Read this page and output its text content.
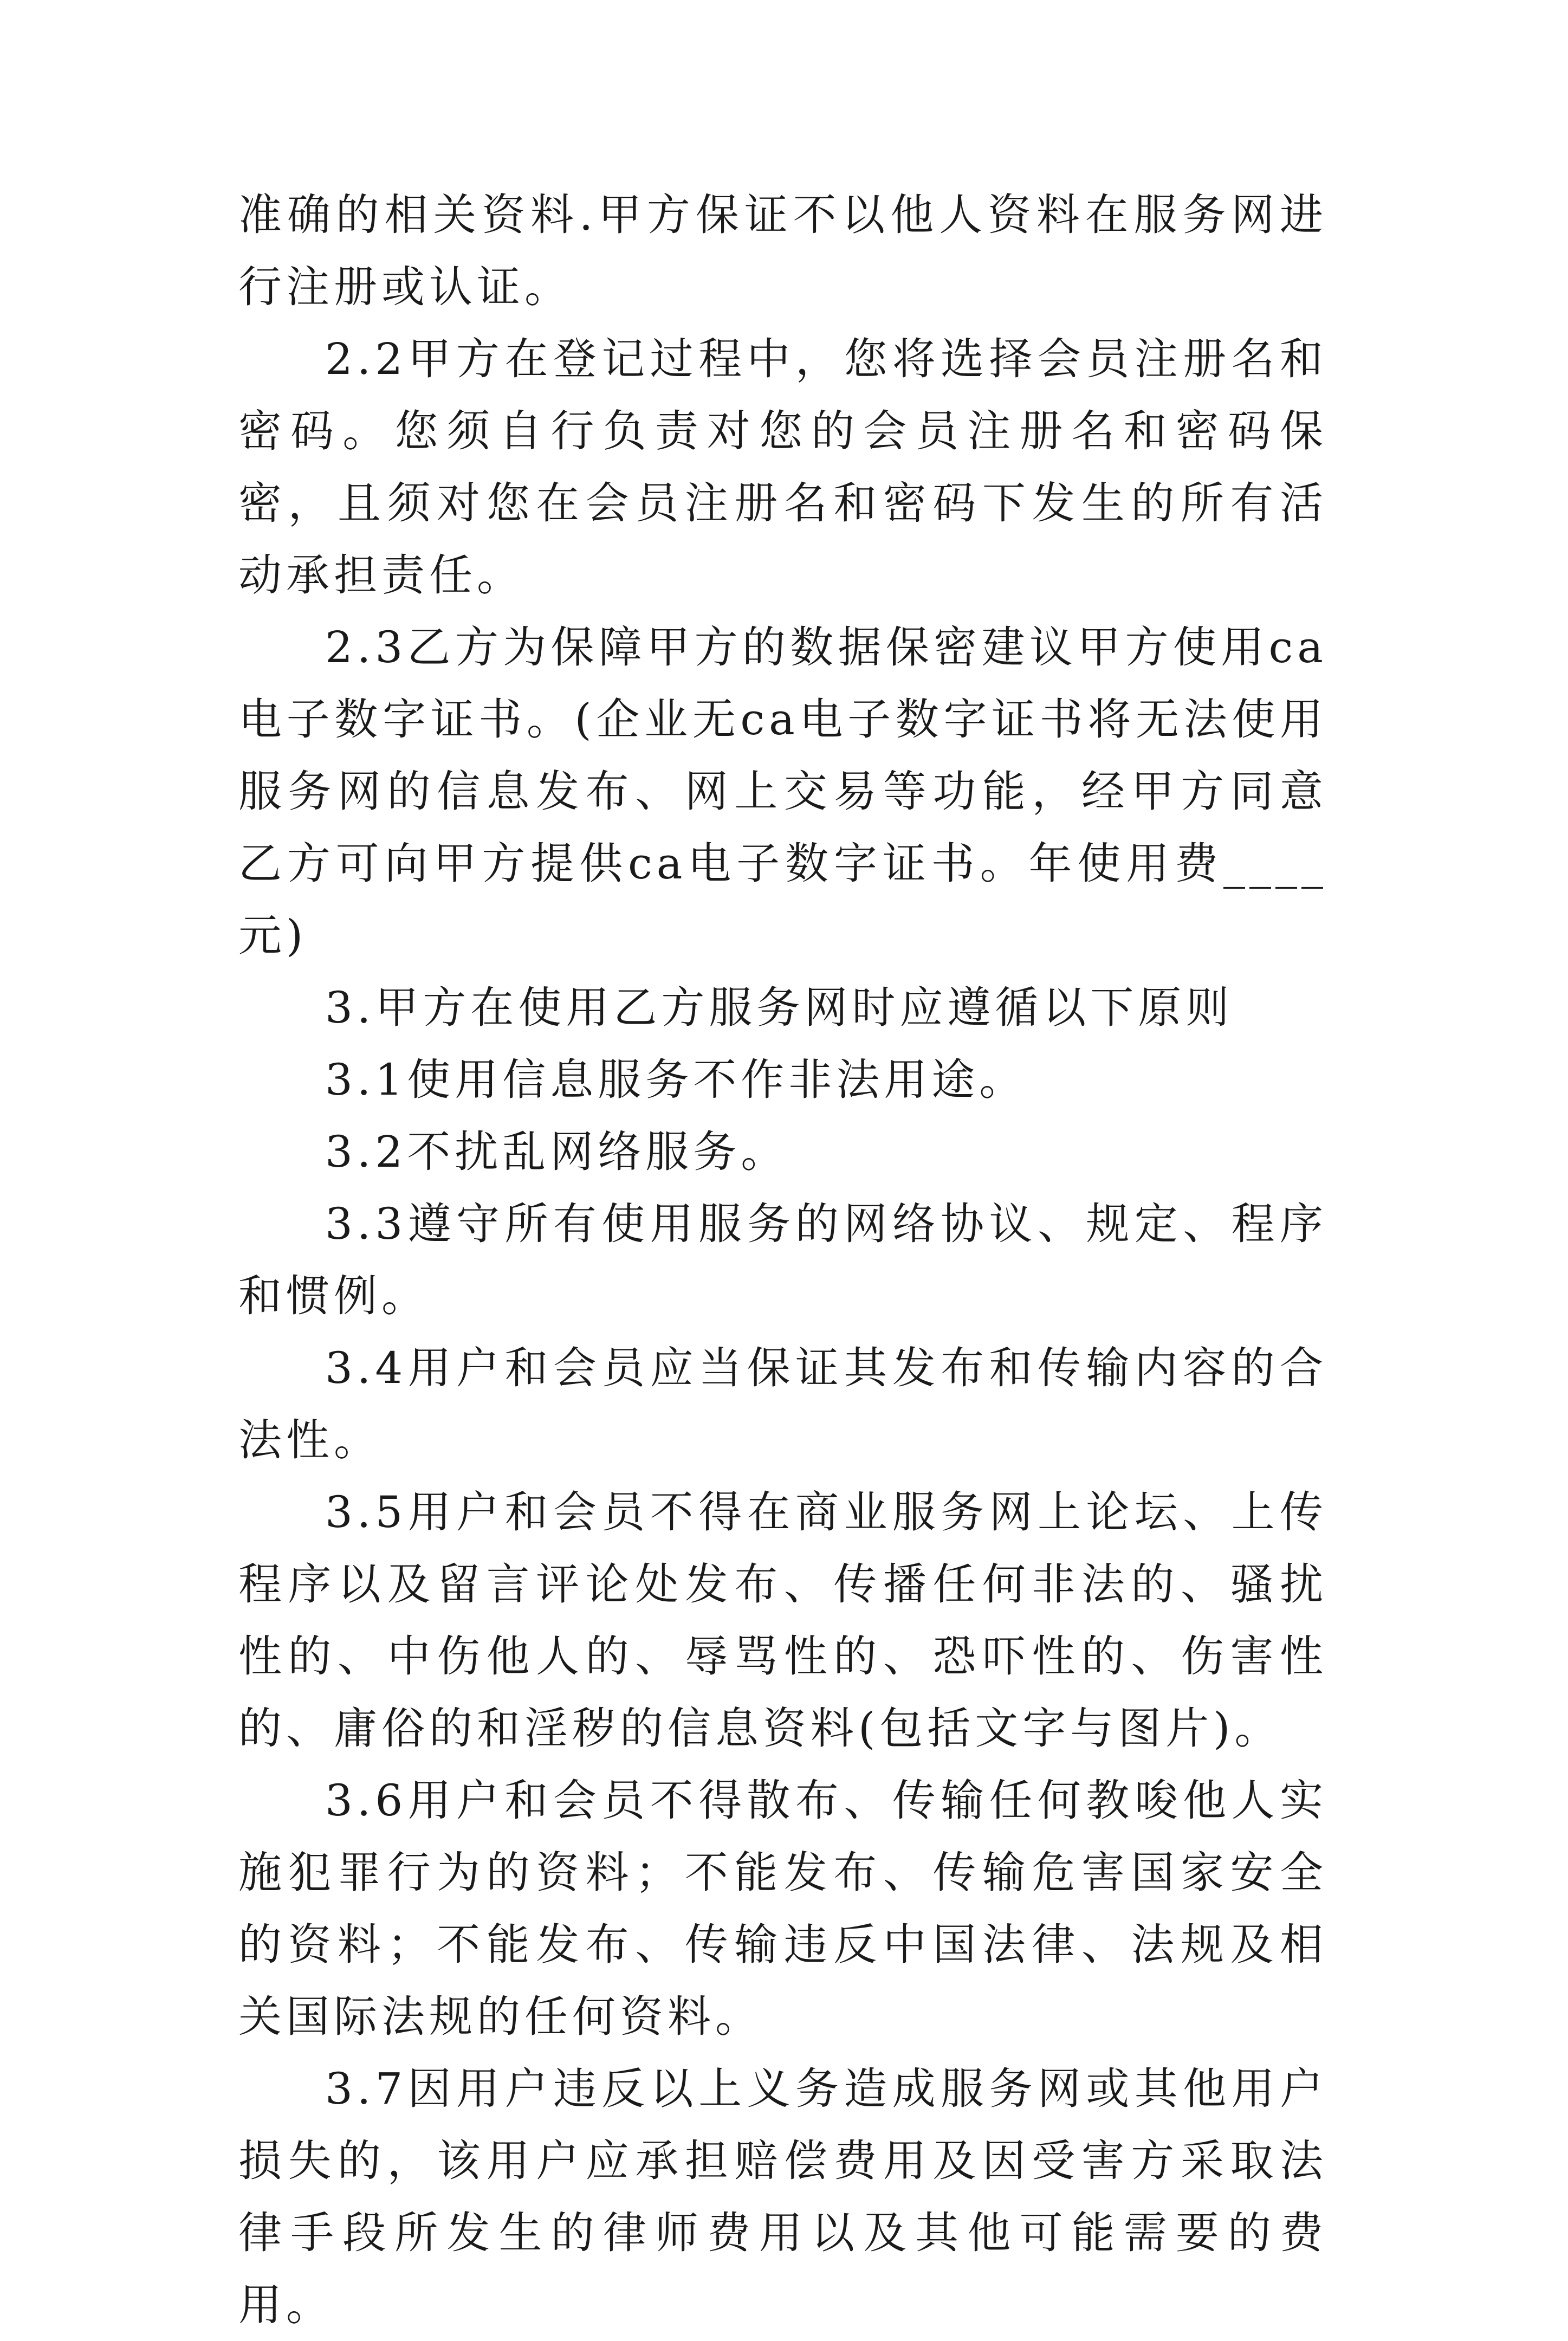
准确的相关资料.甲方保证不以他人资料在服务网进行注册或认证。

2.2甲方在登记过程中，您将选择会员注册名和密码。您须自行负责对您的会员注册名和密码保密，且须对您在会员注册名和密码下发生的所有活动承担责任。

2.3乙方为保障甲方的数据保密建议甲方使用ca电子数字证书。(企业无ca电子数字证书将无法使用服务网的信息发布、网上交易等功能，经甲方同意乙方可向甲方提供ca电子数字证书。年使用费____元)

3.甲方在使用乙方服务网时应遵循以下原则

3.1使用信息服务不作非法用途。

3.2不扰乱网络服务。

3.3遵守所有使用服务的网络协议、规定、程序和惯例。

3.4用户和会员应当保证其发布和传输内容的合法性。

3.5用户和会员不得在商业服务网上论坛、上传程序以及留言评论处发布、传播任何非法的、骚扰性的、中伤他人的、辱骂性的、恐吓性的、伤害性的、庸俗的和淫秽的信息资料(包括文字与图片)。

3.6用户和会员不得散布、传输任何教唆他人实施犯罪行为的资料；不能发布、传输危害国家安全的资料；不能发布、传输违反中国法律、法规及相关国际法规的任何资料。

3.7因用户违反以上义务造成服务网或其他用户损失的，该用户应承担赔偿费用及因受害方采取法律手段所发生的律师费用以及其他可能需要的费用。
